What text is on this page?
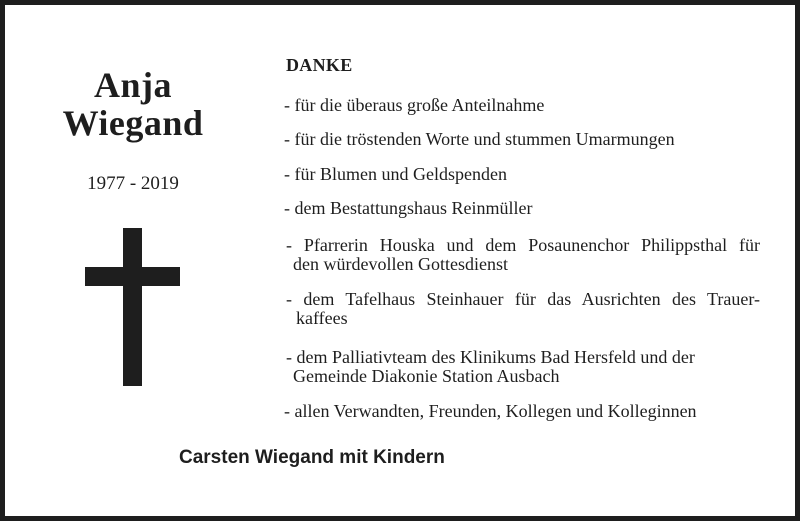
Anja
Wiegand
1977 - 2019
DANKE
- für die überaus große Anteilnahme
- für die tröstenden Worte und stummen Umarmungen
- für Blumen und Geldspenden
- dem Bestattungshaus Reinmüller
- Pfarrerin Houska und dem Posaunenchor Philippsthal für
den würdevollen Gottesdienst
- dem Tafelhaus Steinhauer für das Ausrichten des Trauer-
kaffees
- dem Palliativteam des Klinikums Bad Hersfeld und der
Gemeinde Diakonie Station Ausbach
- allen Verwandten, Freunden, Kollegen und Kolleginnen
Carsten Wiegand mit Kindern
